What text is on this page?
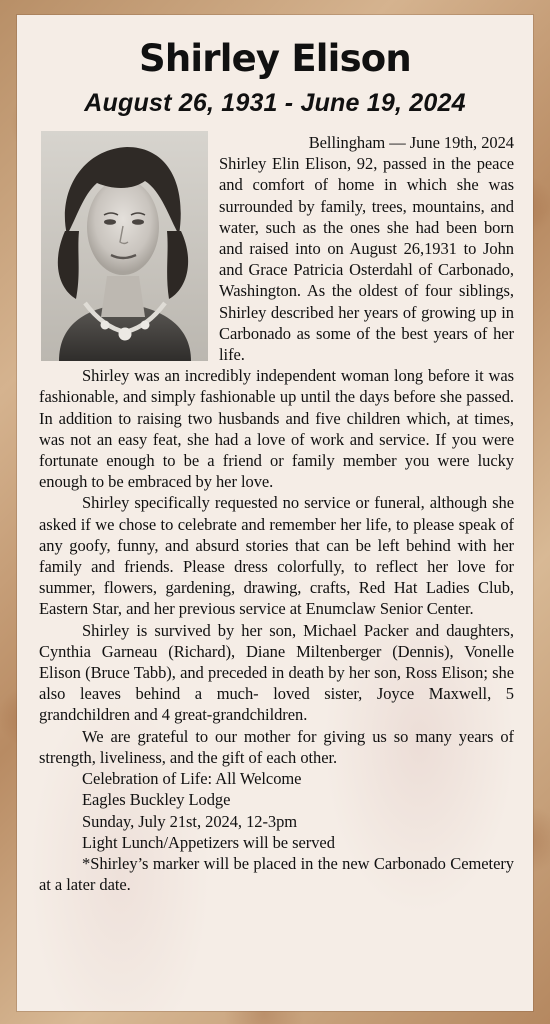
Shirley Elison
August 26, 1931 - June 19, 2024
Bellingham — June 19th, 2024

Shirley Elin Elison, 92, passed in the peace and comfort of home in which she was surrounded by family, trees, mountains, and water, such as the ones she had been born and raised into on August 26,1931 to John and Grace Patricia Osterdahl of Carbonado, Washington. As the oldest of four siblings, Shirley described her years of growing up in Carbonado as some of the best years of her life.

Shirley was an incredibly independent woman long before it was fashionable, and simply fashionable up until the days before she passed. In addition to raising two husbands and five children which, at times, was not an easy feat, she had a love of work and service. If you were fortunate enough to be a friend or family member you were lucky enough to be embraced by her love.

Shirley specifically requested no service or funeral, although she asked if we chose to celebrate and remember her life, to please speak of any goofy, funny, and absurd stories that can be left behind with her family and friends. Please dress colorfully, to reflect her love for summer, flowers, gardening, drawing, crafts, Red Hat Ladies Club, Eastern Star, and her previous service at Enumclaw Senior Center.

Shirley is survived by her son, Michael Packer and daughters, Cynthia Garneau (Richard), Diane Miltenberger (Dennis), Vonelle Elison (Bruce Tabb), and preceded in death by her son, Ross Elison; she also leaves behind a much- loved sister, Joyce Maxwell, 5 grandchildren and 4 great-grandchildren.

We are grateful to our mother for giving us so many years of strength, liveliness, and the gift of each other.

Celebration of Life: All Welcome

Eagles Buckley Lodge

Sunday, July 21st, 2024, 12-3pm

Light Lunch/Appetizers will be served

*Shirley’s marker will be placed in the new Carbonado Cemetery at a later date.
